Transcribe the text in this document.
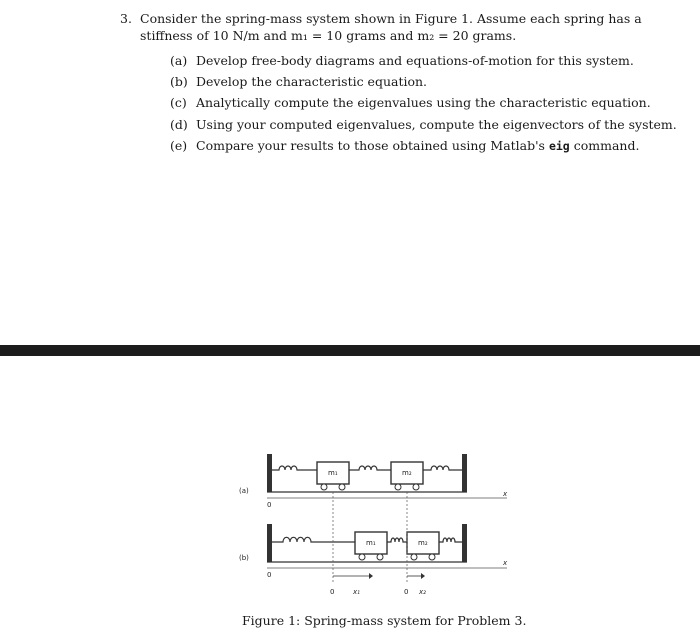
3. Consider the spring-mass system shown in Figure 1. Assume each spring has a
stiffness of 10 N/m and m₁ = 10 grams and m₂ = 20 grams.
(a) Develop free-body diagrams and equations-of-motion for this system.
(b) Develop the characteristic equation.
(c) Analytically compute the eigenvalues using the characteristic equation.
(d) Using your computed eigenvalues, compute the eigenvectors of the system.
(e) Compare your results to those obtained using Matlab's eig command.
m₁	m₂
(a)
0
x
m₁	m₂
(b)
0
x
0	x₁	0 x₂
Figure 1: Spring-mass system for Problem 3.
